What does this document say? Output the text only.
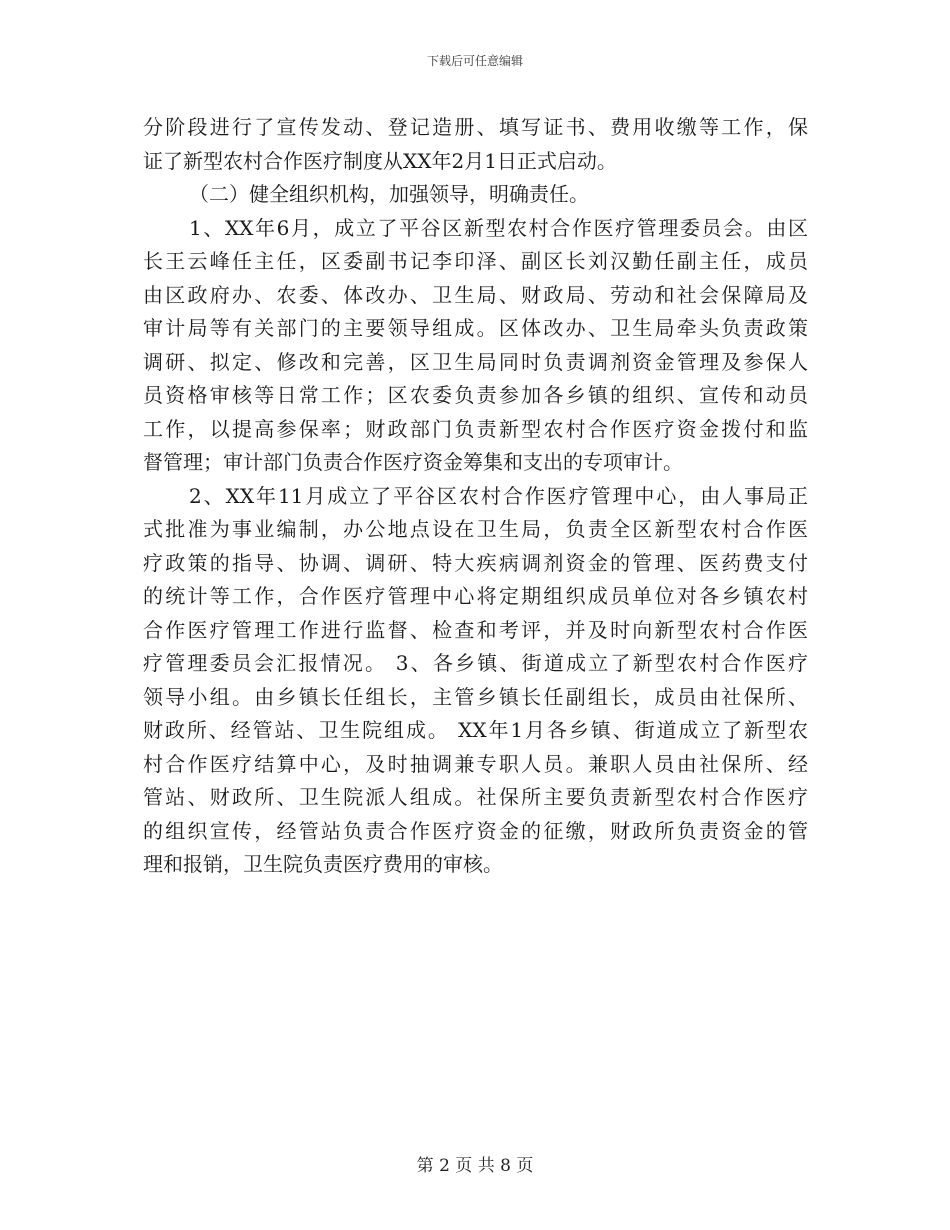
下载后可任意编辑
分阶段进行了宣传发动、登记造册、填写证书、费用收缴等工作，保
证了新型农村合作医疗制度从XX年2月1日正式启动。
（二）健全组织机构，加强领导，明确责任。
1、XX年6月，成立了平谷区新型农村合作医疗管理委员会。由区
长王云峰任主任，区委副书记李印泽、副区长刘汉勤任副主任，成员
由区政府办、农委、体改办、卫生局、财政局、劳动和社会保障局及
审计局等有关部门的主要领导组成。区体改办、卫生局牵头负责政策
调研、拟定、修改和完善，区卫生局同时负责调剂资金管理及参保人
员资格审核等日常工作；区农委负责参加各乡镇的组织、宣传和动员
工作，以提高参保率；财政部门负责新型农村合作医疗资金拨付和监
督管理；审计部门负责合作医疗资金筹集和支出的专项审计。
2、XX年11月成立了平谷区农村合作医疗管理中心，由人事局正
式批准为事业编制，办公地点设在卫生局，负责全区新型农村合作医
疗政策的指导、协调、调研、特大疾病调剂资金的管理、医药费支付
的统计等工作，合作医疗管理中心将定期组织成员单位对各乡镇农村
合作医疗管理工作进行监督、检查和考评，并及时向新型农村合作医
疗管理委员会汇报情况。 3、各乡镇、街道成立了新型农村合作医疗
领导小组。由乡镇长任组长，主管乡镇长任副组长，成员由社保所、
财政所、经管站、卫生院组成。 XX年1月各乡镇、街道成立了新型农
村合作医疗结算中心，及时抽调兼专职人员。兼职人员由社保所、经
管站、财政所、卫生院派人组成。社保所主要负责新型农村合作医疗
的组织宣传，经管站负责合作医疗资金的征缴，财政所负责资金的管
理和报销，卫生院负责医疗费用的审核。
第 2 页 共 8 页
